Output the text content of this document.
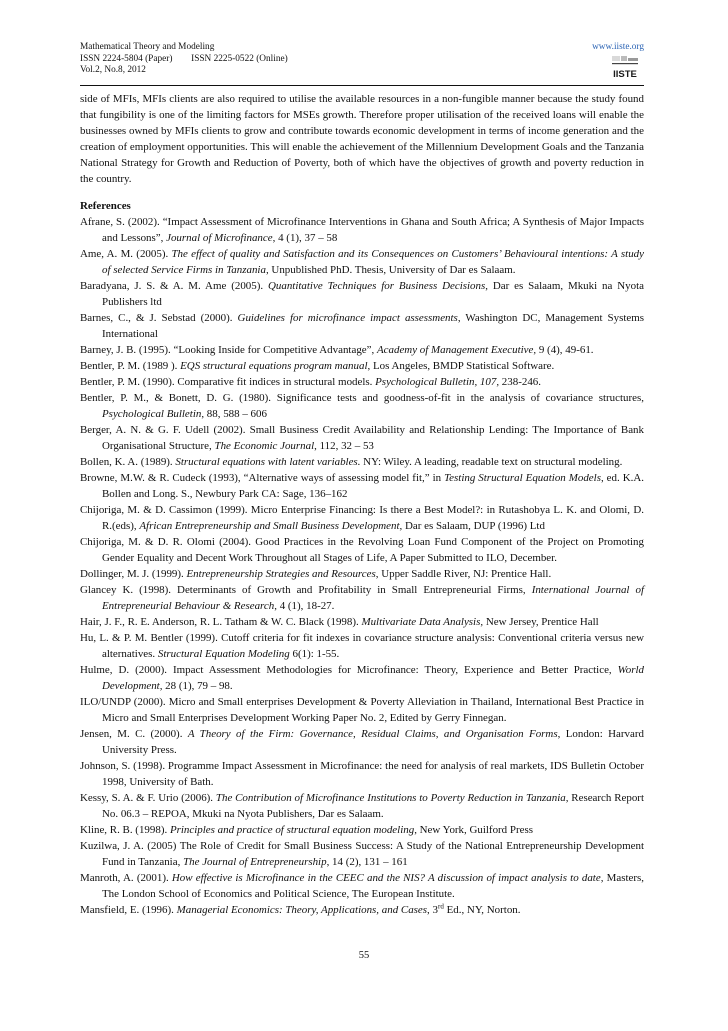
Mathematical Theory and Modeling
ISSN 2224-5804 (Paper) ISSN 2225-0522 (Online)
Vol.2, No.8, 2012
www.iiste.org
IISTE

side of MFIs, MFIs clients are also required to utilise the available resources in a non-fungible manner because the study found that fungibility is one of the limiting factors for MSEs growth. Therefore proper utilisation of the received loans will enable the businesses owned by MFIs clients to grow and contribute towards economic development in terms of income generation and the creation of employment opportunities. This will enable the achievement of the Millennium Development Goals and the Tanzania National Strategy for Growth and Reduction of Poverty, both of which have the objectives of growth and poverty reduction in the country.

References

Afrane, S. (2002). “Impact Assessment of Microfinance Interventions in Ghana and South Africa; A Synthesis of Major Impacts and Lessons”, Journal of Microfinance, 4 (1), 37 – 58

Ame, A. M. (2005). The effect of quality and Satisfaction and its Consequences on Customers’ Behavioural intentions: A study of selected Service Firms in Tanzania, Unpublished PhD. Thesis, University of Dar es Salaam.

Baradyana, J. S. & A. M. Ame (2005). Quantitative Techniques for Business Decisions, Dar es Salaam, Mkuki na Nyota Publishers ltd

Barnes, C., & J. Sebstad (2000). Guidelines for microfinance impact assessments, Washington DC, Management Systems International

Barney, J. B. (1995). “Looking Inside for Competitive Advantage”, Academy of Management Executive, 9 (4), 49-61.

Bentler, P. M. (1989 ). EQS structural equations program manual, Los Angeles, BMDP Statistical Software.

Bentler, P. M. (1990). Comparative fit indices in structural models. Psychological Bulletin, 107, 238-246.

Bentler, P. M., & Bonett, D. G. (1980). Significance tests and goodness-of-fit in the analysis of covariance structures, Psychological Bulletin, 88, 588 – 606

Berger, A. N. & G. F. Udell (2002). Small Business Credit Availability and Relationship Lending: The Importance of Bank Organisational Structure, The Economic Journal, 112, 32 – 53

Bollen, K. A. (1989). Structural equations with latent variables. NY: Wiley. A leading, readable text on structural modeling.

Browne, M.W. & R. Cudeck (1993), “Alternative ways of assessing model fit,” in Testing Structural Equation Models, ed. K.A. Bollen and Long. S., Newbury Park CA: Sage, 136–162

Chijoriga, M. & D. Cassimon (1999). Micro Enterprise Financing: Is there a Best Model?: in Rutashobya L. K. and Olomi, D. R.(eds), African Entrepreneurship and Small Business Development, Dar es Salaam, DUP (1996) Ltd

Chijoriga, M. & D. R. Olomi (2004). Good Practices in the Revolving Loan Fund Component of the Project on Promoting Gender Equality and Decent Work Throughout all Stages of Life, A Paper Submitted to ILO, December.

Dollinger, M. J. (1999). Entrepreneurship Strategies and Resources, Upper Saddle River, NJ: Prentice Hall.

Glancey K. (1998). Determinants of Growth and Profitability in Small Entrepreneurial Firms, International Journal of Entrepreneurial Behaviour & Research, 4 (1), 18-27.

Hair, J. F., R. E. Anderson, R. L. Tatham & W. C. Black (1998). Multivariate Data Analysis, New Jersey, Prentice Hall

Hu, L. & P. M. Bentler (1999). Cutoff criteria for fit indexes in covariance structure analysis: Conventional criteria versus new alternatives. Structural Equation Modeling 6(1): 1-55.

Hulme, D. (2000). Impact Assessment Methodologies for Microfinance: Theory, Experience and Better Practice, World Development, 28 (1), 79 – 98.

ILO/UNDP (2000). Micro and Small enterprises Development & Poverty Alleviation in Thailand, International Best Practice in Micro and Small Enterprises Development Working Paper No. 2, Edited by Gerry Finnegan.

Jensen, M. C. (2000). A Theory of the Firm: Governance, Residual Claims, and Organisation Forms, London: Harvard University Press.

Johnson, S. (1998). Programme Impact Assessment in Microfinance: the need for analysis of real markets, IDS Bulletin October 1998, University of Bath.

Kessy, S. A. & F. Urio (2006). The Contribution of Microfinance Institutions to Poverty Reduction in Tanzania, Research Report No. 06.3 – REPOA, Mkuki na Nyota Publishers, Dar es Salaam.

Kline, R. B. (1998). Principles and practice of structural equation modeling, New York, Guilford Press

Kuzilwa, J. A. (2005) The Role of Credit for Small Business Success: A Study of the National Entrepreneurship Development Fund in Tanzania, The Journal of Entrepreneurship, 14 (2), 131 – 161

Manroth, A. (2001). How effective is Microfinance in the CEEC and the NIS? A discussion of impact analysis to date, Masters, The London School of Economics and Political Science, The European Institute.

Mansfield, E. (1996). Managerial Economics: Theory, Applications, and Cases, 3rd Ed., NY, Norton.

55
